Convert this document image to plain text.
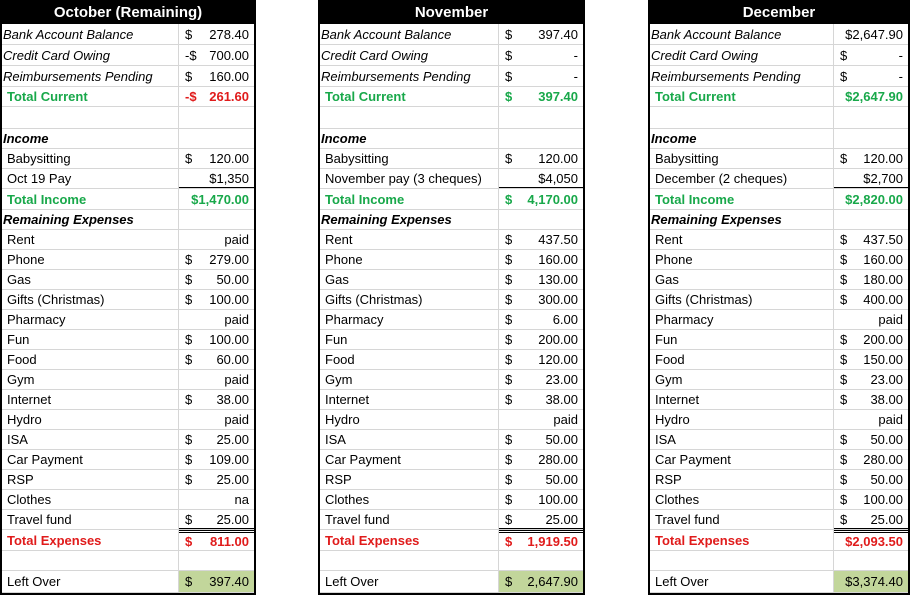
October (Remaining)
Bank Account Balance	$	278.40
Credit Card Owing	-$ 700.00
Reimbursements Pending	$	160.00
Total Current	-$ 261.60
Income
Babysitting	$	120.00
Oct 19 Pay	$1,350
Total Income	$1,470.00
Remaining Expenses
Rent	paid
Phone	$	279.00
Gas	$	50.00
Gifts (Christmas)	$	100.00
Pharmacy	paid
Fun	$	100.00
Food	$	60.00
Gym	paid
Internet	$	38.00
Hydro	paid
ISA	$	25.00
Car Payment	$	109.00
RSP	$	25.00
Clothes	na
Travel fund	$	25.00
Total Expenses	$	811.00
Left Over	$	397.40
November
Bank Account Balance	$	397.40
Credit Card Owing	$	-
Reimbursements Pending	$	-
Total Current	$	397.40
Income
Babysitting	$	120.00
November pay (3 cheques)	$4,050
Total Income	$	4,170.00
Remaining Expenses
Rent	$	437.50
Phone	$	160.00
Gas	$	130.00
Gifts (Christmas)	$	300.00
Pharmacy	$	6.00
Fun	$	200.00
Food	$	120.00
Gym	$	23.00
Internet	$	38.00
Hydro	paid
ISA	$	50.00
Car Payment	$	280.00
RSP	$	50.00
Clothes	$	100.00
Travel fund	$	25.00
Total Expenses	$	1,919.50
Left Over	$	2,647.90
December
Bank Account Balance	$2,647.90
Credit Card Owing	$	-
Reimbursements Pending	$	-
Total Current	$2,647.90
Income
Babysitting	$	120.00
December (2 cheques)	$2,700
Total Income	$2,820.00
Remaining Expenses
Rent	$	437.50
Phone	$	160.00
Gas	$	180.00
Gifts (Christmas)	$	400.00
Pharmacy	paid
Fun	$	200.00
Food	$	150.00
Gym	$	23.00
Internet	$	38.00
Hydro	paid
ISA	$	50.00
Car Payment	$	280.00
RSP	$	50.00
Clothes	$	100.00
Travel fund	$	25.00
Total Expenses	$2,093.50
Left Over	$3,374.40
